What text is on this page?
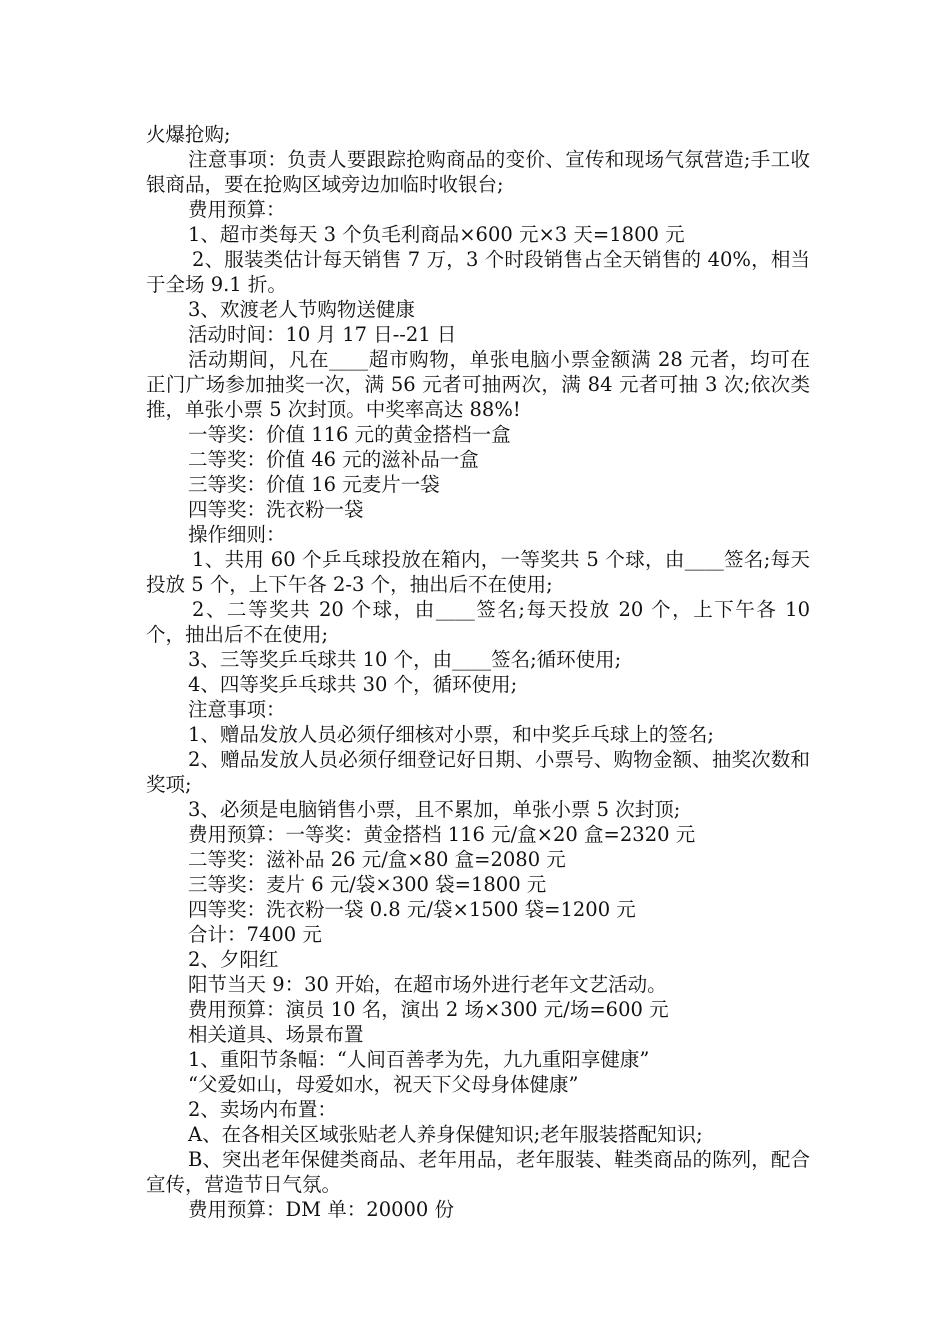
火爆抢购;
注意事项：负责人要跟踪抢购商品的变价、宣传和现场气氛营造;手工收银商品，要在抢购区域旁边加临时收银台;
费用预算：
1、超市类每天 3 个负毛利商品×600 元×3 天=1800 元
2、服装类估计每天销售 7 万，3 个时段销售占全天销售的 40%，相当于全场 9.1 折。
3、欢渡老人节购物送健康
活动时间：10 月 17 日--21 日
活动期间，凡在____超市购物，单张电脑小票金额满 28 元者，均可在正门广场参加抽奖一次，满 56 元者可抽两次，满 84 元者可抽 3 次;依次类推，单张小票 5 次封顶。中奖率高达 88%!
一等奖：价值 116 元的黄金搭档一盒
二等奖：价值 46 元的滋补品一盒
三等奖：价值 16 元麦片一袋
四等奖：洗衣粉一袋
操作细则：
1、共用 60 个乒乓球投放在箱内，一等奖共 5 个球，由____签名;每天投放 5 个，上下午各 2-3 个，抽出后不在使用;
2、二等奖共 20 个球，由____签名;每天投放 20 个，上下午各 10 个，抽出后不在使用;
3、三等奖乒乓球共 10 个，由____签名;循环使用;
4、四等奖乒乓球共 30 个，循环使用;
注意事项：
1、赠品发放人员必须仔细核对小票，和中奖乒乓球上的签名;
2、赠品发放人员必须仔细登记好日期、小票号、购物金额、抽奖次数和奖项;
3、必须是电脑销售小票，且不累加，单张小票 5 次封顶;
费用预算：一等奖：黄金搭档 116 元/盒×20 盒=2320 元
二等奖：滋补品 26 元/盒×80 盒=2080 元
三等奖：麦片 6 元/袋×300 袋=1800 元
四等奖：洗衣粉一袋 0.8 元/袋×1500 袋=1200 元
合计：7400 元
2、夕阳红
阳节当天 9：30 开始，在超市场外进行老年文艺活动。
费用预算：演员 10 名，演出 2 场×300 元/场=600 元
相关道具、场景布置
1、重阳节条幅：“人间百善孝为先，九九重阳享健康”
“父爱如山，母爱如水，祝天下父母身体健康”
2、卖场内布置：
A、在各相关区域张贴老人养身保健知识;老年服装搭配知识;
B、突出老年保健类商品、老年用品，老年服装、鞋类商品的陈列，配合宣传，营造节日气氛。
费用预算：DM 单：20000 份
